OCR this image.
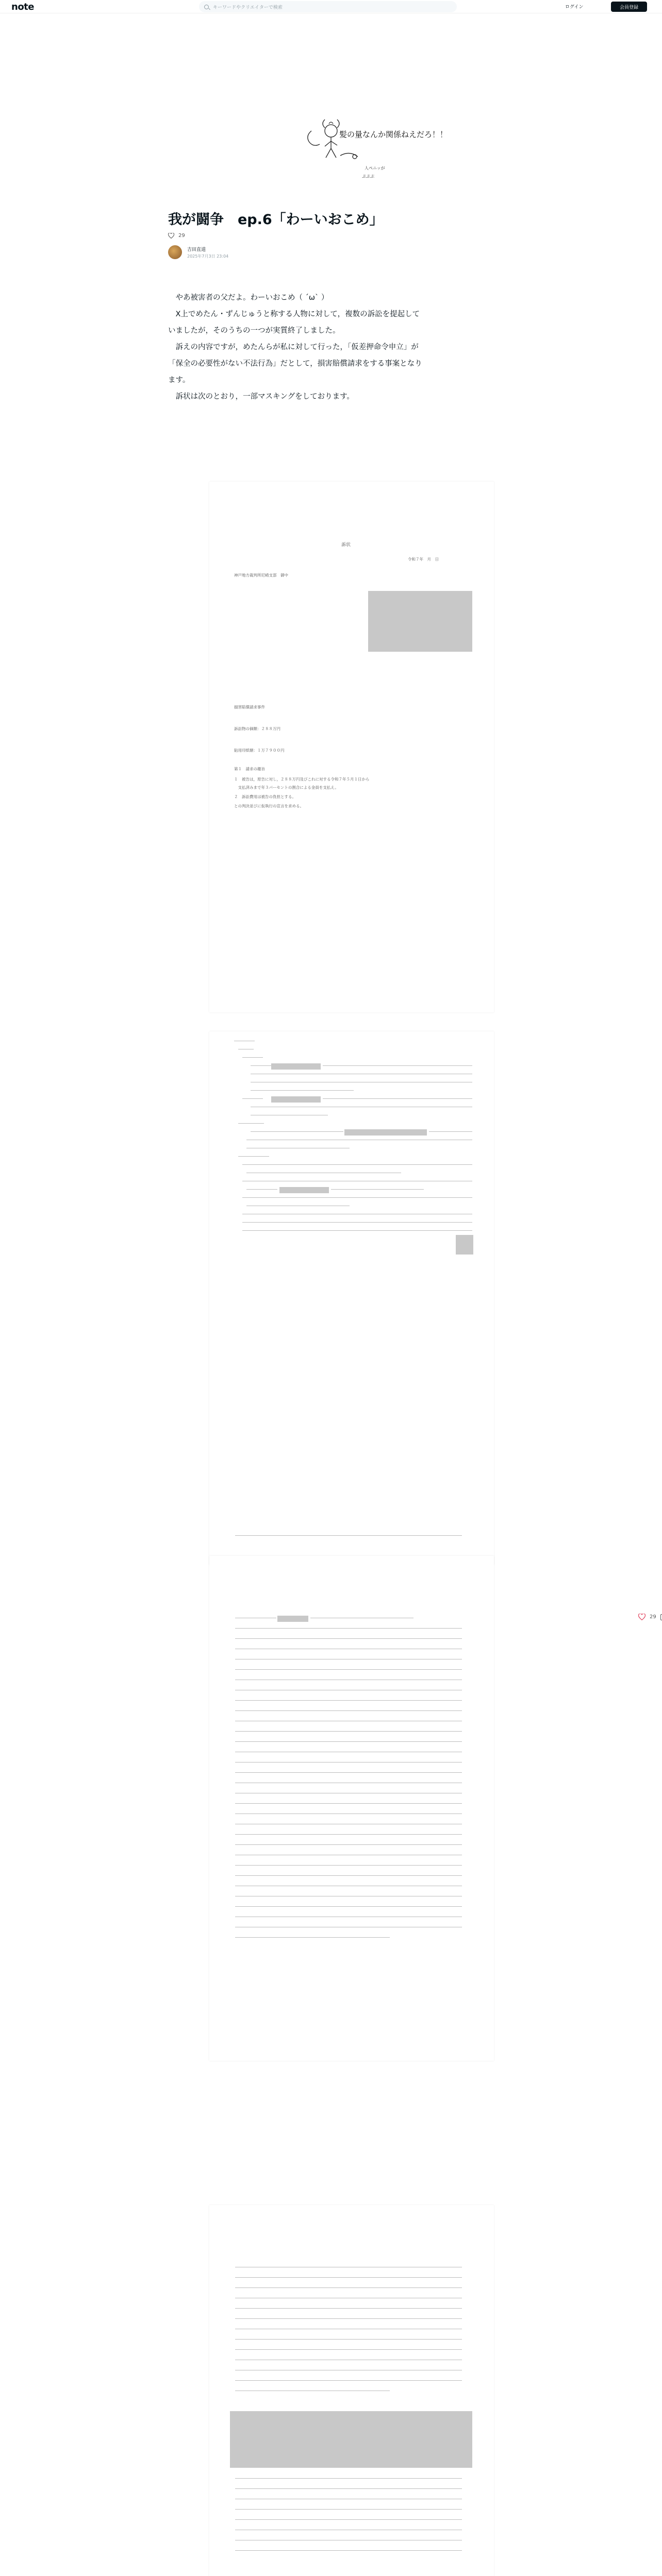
note	キーワードやクリエイターで検索	ログイン	会員登録
髪の量なんか関係ねえだろ！！
人ペニッが
ぷぷぷ
我が闘争　ep.6「わーいおこめ」
29
吉田直道
2025年7月3日 23:04

　やあ被害者の父だよ。わーいおこめ（ ´ω` ）

　X上でめたん・ずんじゅうと称する人物に対して，複数の訴訟を提起して

いましたが，そのうちの一つが実質終了しました。

　訴えの内容ですが，めたんらが私に対して行った，「仮差押命令申立」が

「保全の必要性がない不法行為」だとして，損害賠償請求をする事案となり

ます。

　訴状は次のとおり，一部マスキングをしております。

訴状
令和７年　月　日
神戸地方裁判所尼崎支部　御中
損害賠償請求事件
訴訟物の価額：２８８万円
貼用印紙額：１万７９００円
第１　請求の趣旨
１　被告は，原告に対し，２８８万円及びこれに対する令和７年５月１日から
　支払済みまで年３パーセントの割合による金員を支払え。
２　訴訟費用は被告の負担とする。
との判決並びに仮執行の宣言を求める。
29
